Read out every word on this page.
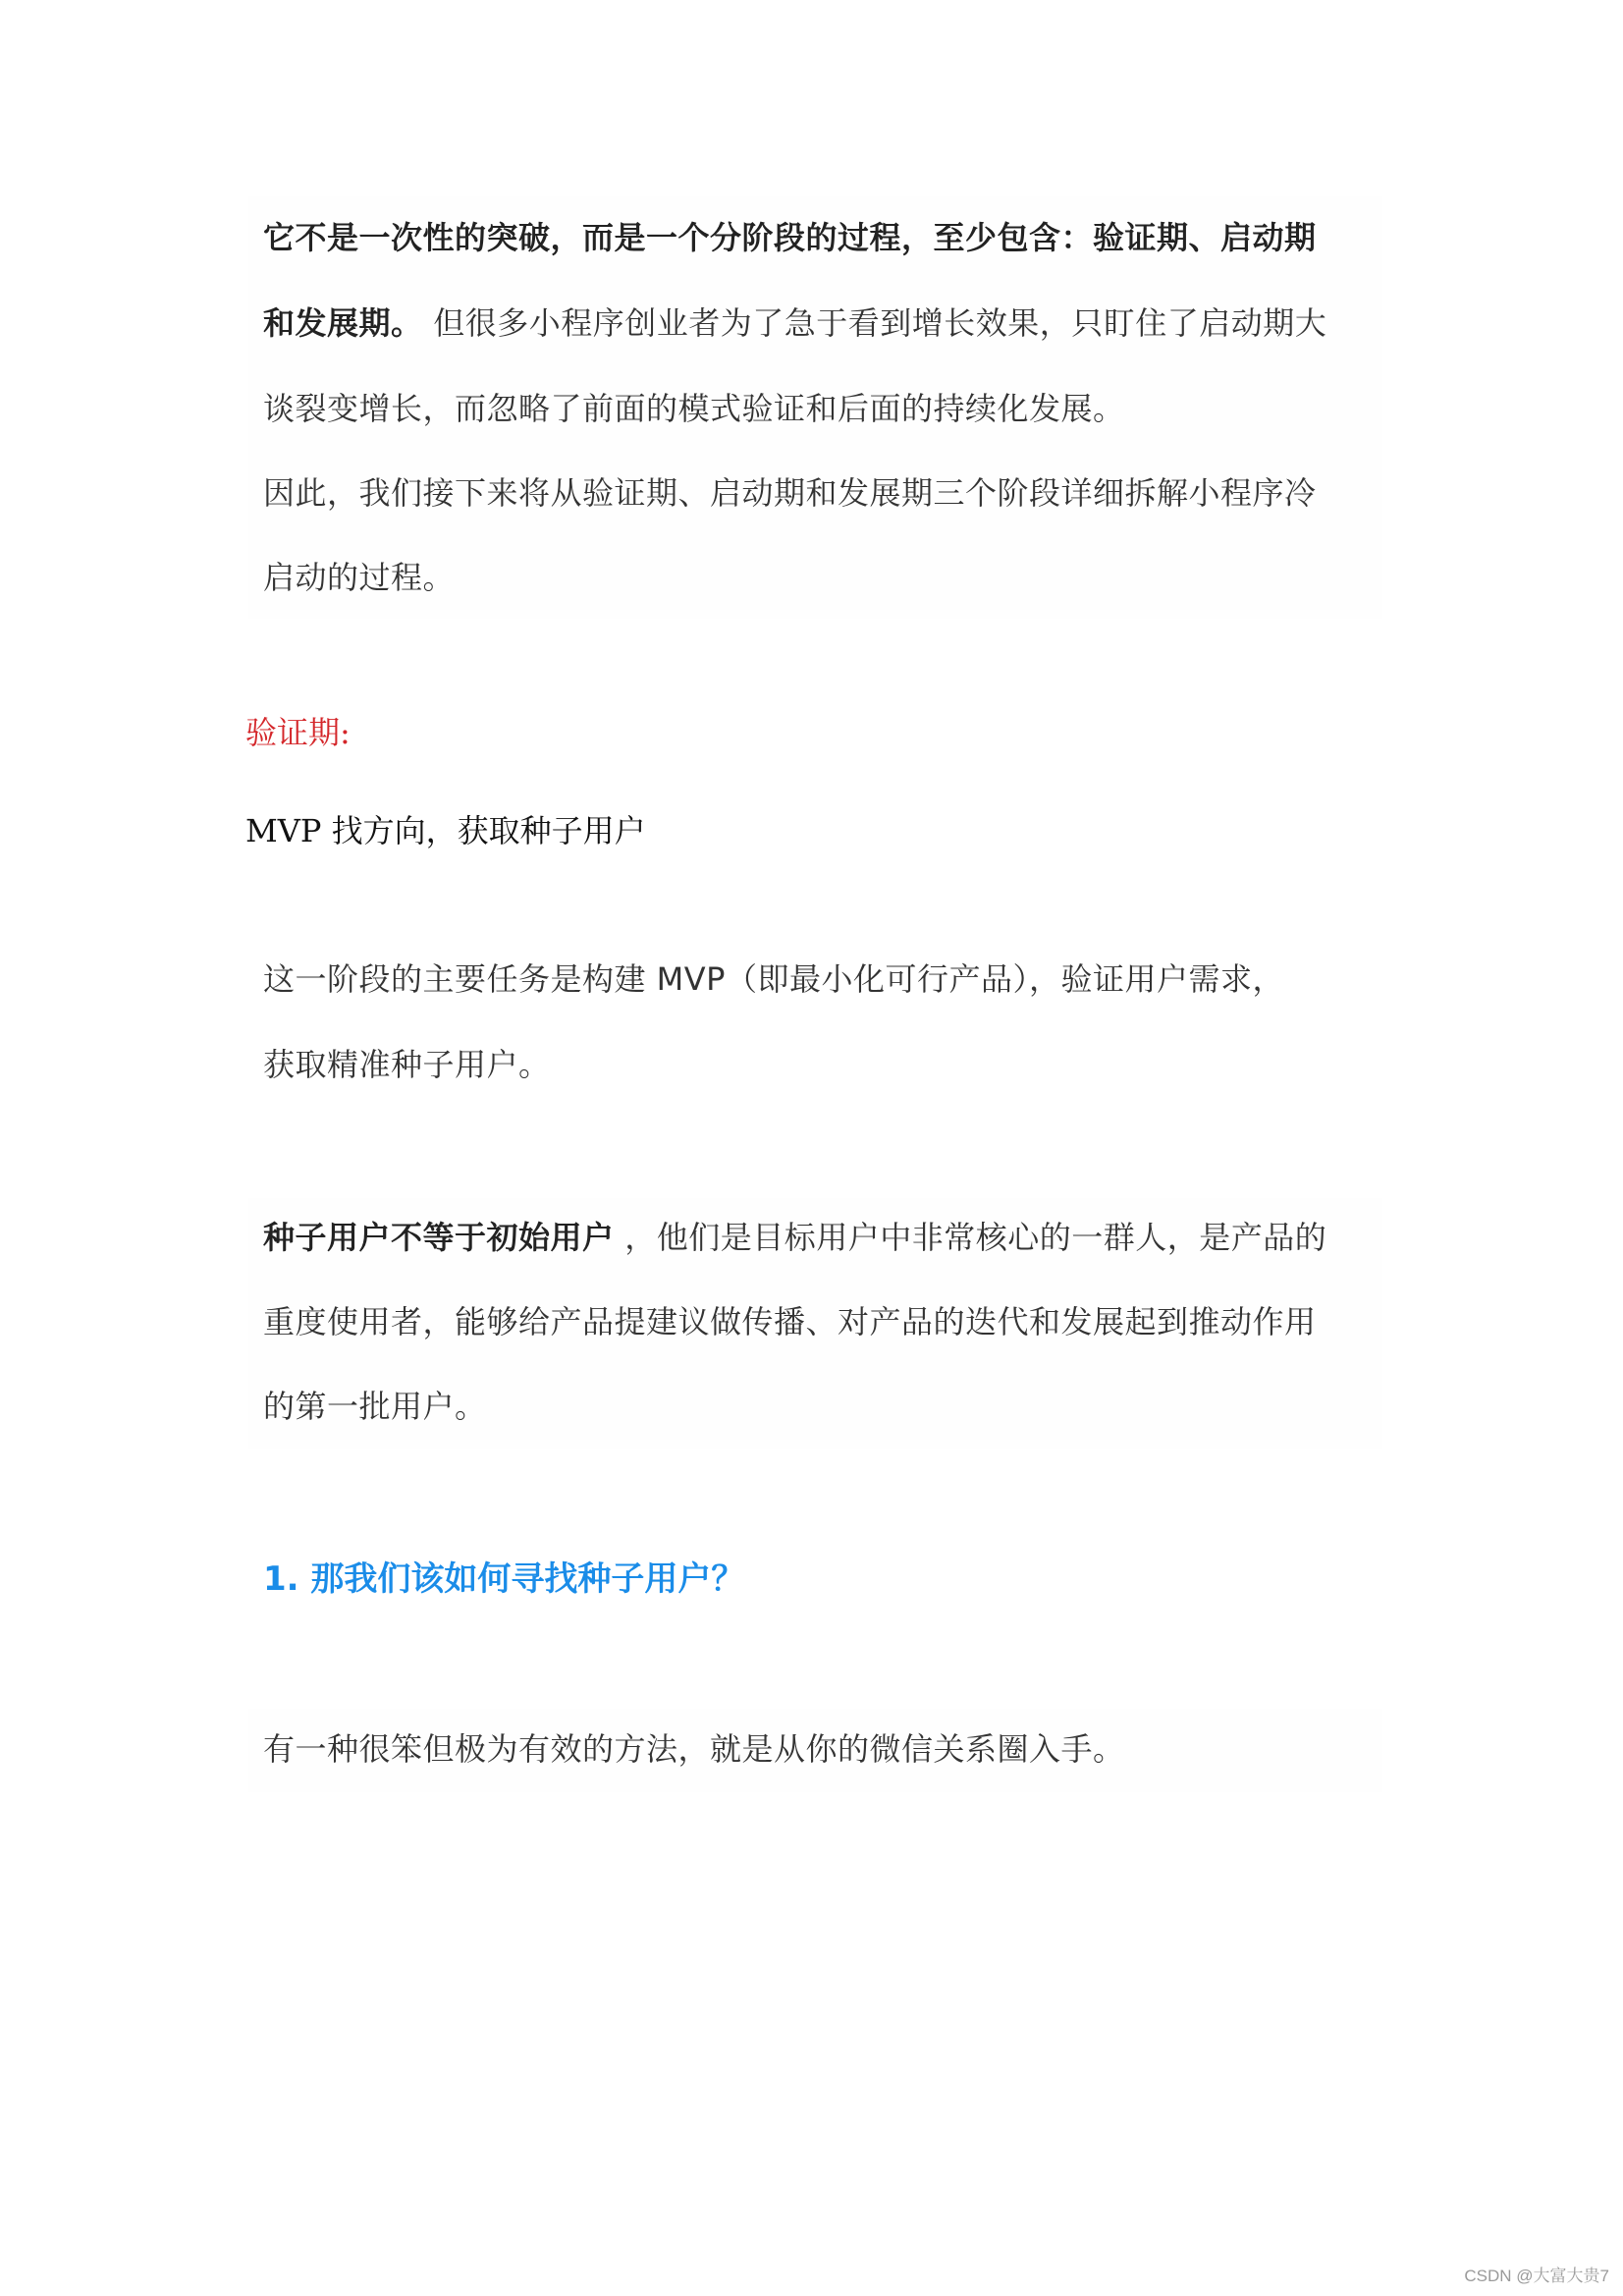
它不是一次性的突破，而是一个分阶段的过程，至少包含：验证期、启动期
和发展期。 但很多小程序创业者为了急于看到增长效果，只盯住了启动期大
谈裂变增长，而忽略了前面的模式验证和后面的持续化发展。
因此，我们接下来将从验证期、启动期和发展期三个阶段详细拆解小程序冷
启动的过程。
验证期:
MVP 找方向，获取种子用户
这一阶段的主要任务是构建 MVP（即最小化可行产品），验证用户需求，
获取精准种子用户。
种子用户不等于初始用户 ，他们是目标用户中非常核心的一群人，是产品的
重度使用者，能够给产品提建议做传播、对产品的迭代和发展起到推动作用
的第一批用户。
1. 那我们该如何寻找种子用户？
有一种很笨但极为有效的方法，就是从你的微信关系圈入手。
CSDN @大富大贵7
